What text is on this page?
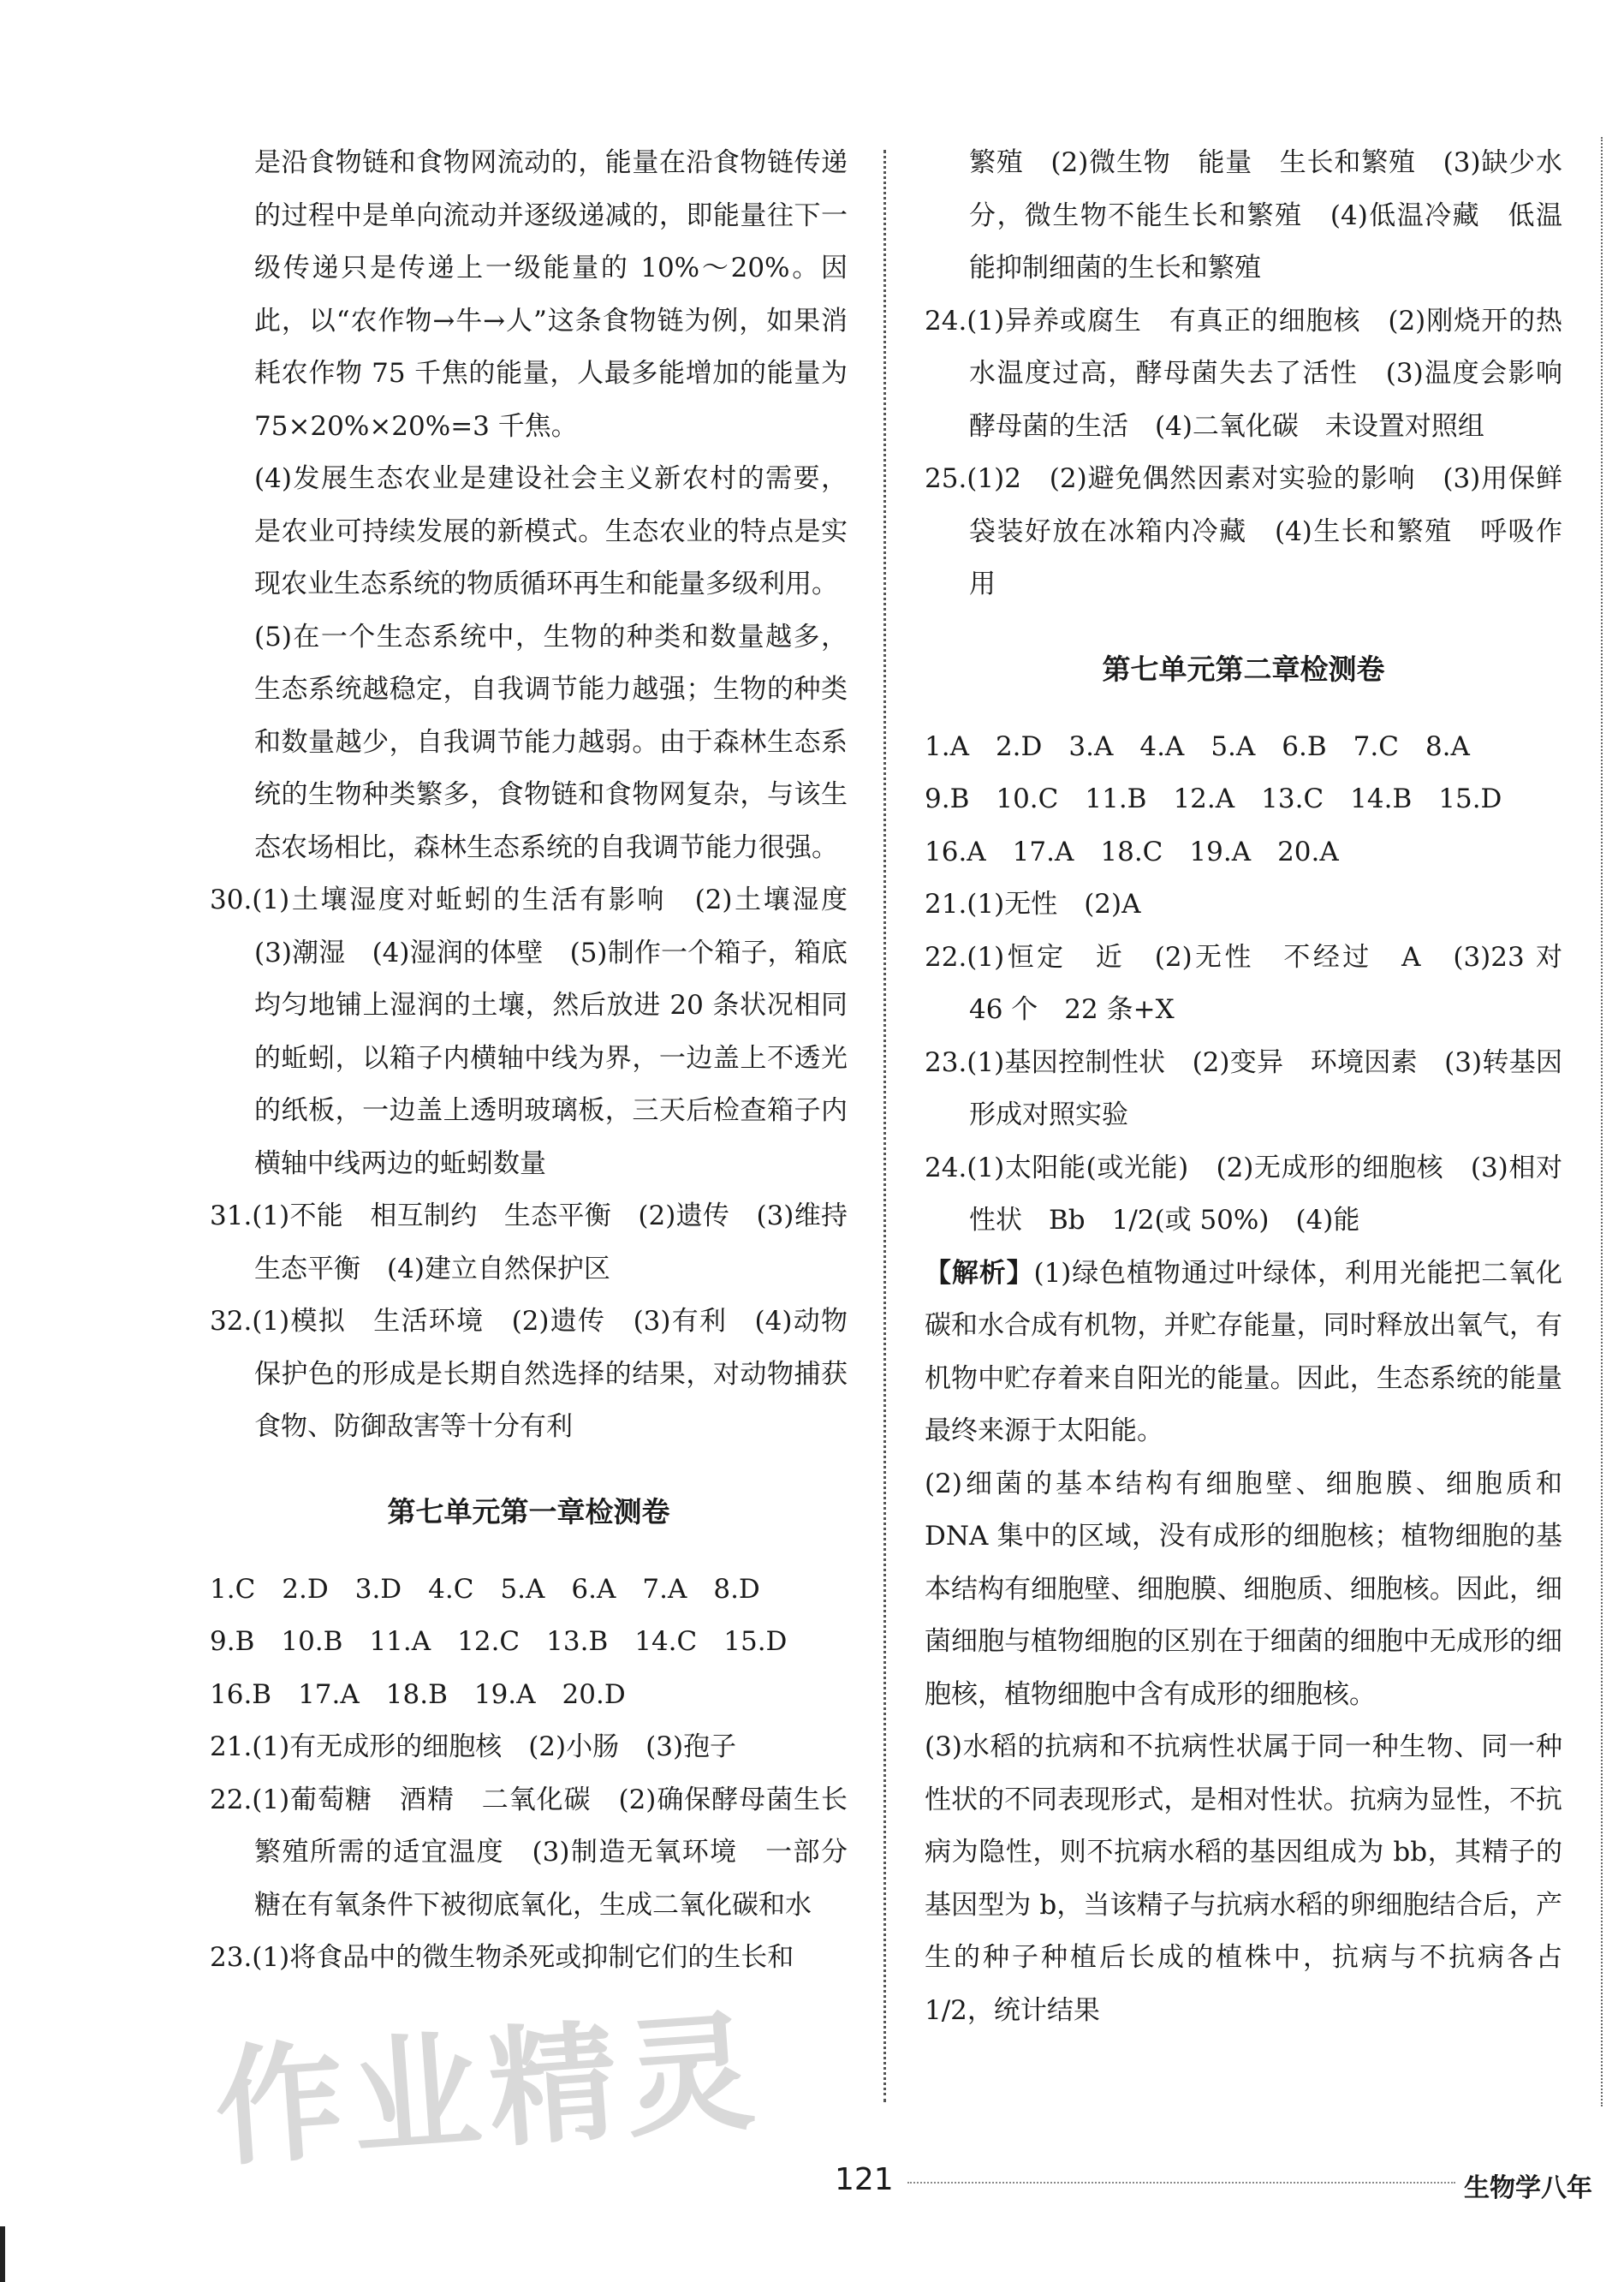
是沿食物链和食物网流动的，能量在沿食物链传递的过程中是单向流动并逐级递减的，即能量往下一级传递只是传递上一级能量的 10%～20%。因此，以“农作物→牛→人”这条食物链为例，如果消耗农作物 75 千焦的能量，人最多能增加的能量为 75×20%×20%=3 千焦。

(4)发展生态农业是建设社会主义新农村的需要，是农业可持续发展的新模式。生态农业的特点是实现农业生态系统的物质循环再生和能量多级利用。

(5)在一个生态系统中，生物的种类和数量越多，生态系统越稳定，自我调节能力越强；生物的种类和数量越少，自我调节能力越弱。由于森林生态系统的生物种类繁多，食物链和食物网复杂，与该生态农场相比，森林生态系统的自我调节能力很强。

30.(1)土壤湿度对蚯蚓的生活有影响　(2)土壤湿度　(3)潮湿　(4)湿润的体壁　(5)制作一个箱子，箱底均匀地铺上湿润的土壤，然后放进 20 条状况相同的蚯蚓，以箱子内横轴中线为界，一边盖上不透光的纸板，一边盖上透明玻璃板，三天后检查箱子内横轴中线两边的蚯蚓数量

31.(1)不能　相互制约　生态平衡　(2)遗传　(3)维持生态平衡　(4)建立自然保护区

32.(1)模拟　生活环境　(2)遗传　(3)有利　(4)动物保护色的形成是长期自然选择的结果，对动物捕获食物、防御敌害等十分有利

第七单元第一章检测卷

1.C　2.D　3.D　4.C　5.A　6.A　7.A　8.D

9.B　10.B　11.A　12.C　13.B　14.C　15.D

16.B　17.A　18.B　19.A　20.D

21.(1)有无成形的细胞核　(2)小肠　(3)孢子

22.(1)葡萄糖　酒精　二氧化碳　(2)确保酵母菌生长繁殖所需的适宜温度　(3)制造无氧环境　一部分糖在有氧条件下被彻底氧化，生成二氧化碳和水

23.(1)将食品中的微生物杀死或抑制它们的生长和

繁殖　(2)微生物　能量　生长和繁殖　(3)缺少水分，微生物不能生长和繁殖　(4)低温冷藏　低温能抑制细菌的生长和繁殖

24.(1)异养或腐生　有真正的细胞核　(2)刚烧开的热水温度过高，酵母菌失去了活性　(3)温度会影响酵母菌的生活　(4)二氧化碳　未设置对照组

25.(1)2　(2)避免偶然因素对实验的影响　(3)用保鲜袋装好放在冰箱内冷藏　(4)生长和繁殖　呼吸作用

第七单元第二章检测卷

1.A　2.D　3.A　4.A　5.A　6.B　7.C　8.A

9.B　10.C　11.B　12.A　13.C　14.B　15.D

16.A　17.A　18.C　19.A　20.A

21.(1)无性　(2)A

22.(1)恒定　近　(2)无性　不经过　A　(3)23 对　46 个　22 条+X

23.(1)基因控制性状　(2)变异　环境因素　(3)转基因　形成对照实验

24.(1)太阳能(或光能)　(2)无成形的细胞核　(3)相对性状　Bb　1/2(或 50%)　(4)能

【解析】(1)绿色植物通过叶绿体，利用光能把二氧化碳和水合成有机物，并贮存能量，同时释放出氧气，有机物中贮存着来自阳光的能量。因此，生态系统的能量最终来源于太阳能。

(2)细菌的基本结构有细胞壁、细胞膜、细胞质和 DNA 集中的区域，没有成形的细胞核；植物细胞的基本结构有细胞壁、细胞膜、细胞质、细胞核。因此，细菌细胞与植物细胞的区别在于细菌的细胞中无成形的细胞核，植物细胞中含有成形的细胞核。

(3)水稻的抗病和不抗病性状属于同一种生物、同一种性状的不同表现形式，是相对性状。抗病为显性，不抗病为隐性，则不抗病水稻的基因组成为 bb，其精子的基因型为 b，当该精子与抗病水稻的卵细胞结合后，产生的种子种植后长成的植株中，抗病与不抗病各占 1/2，统计结果

作业精灵 121	生物学八年
